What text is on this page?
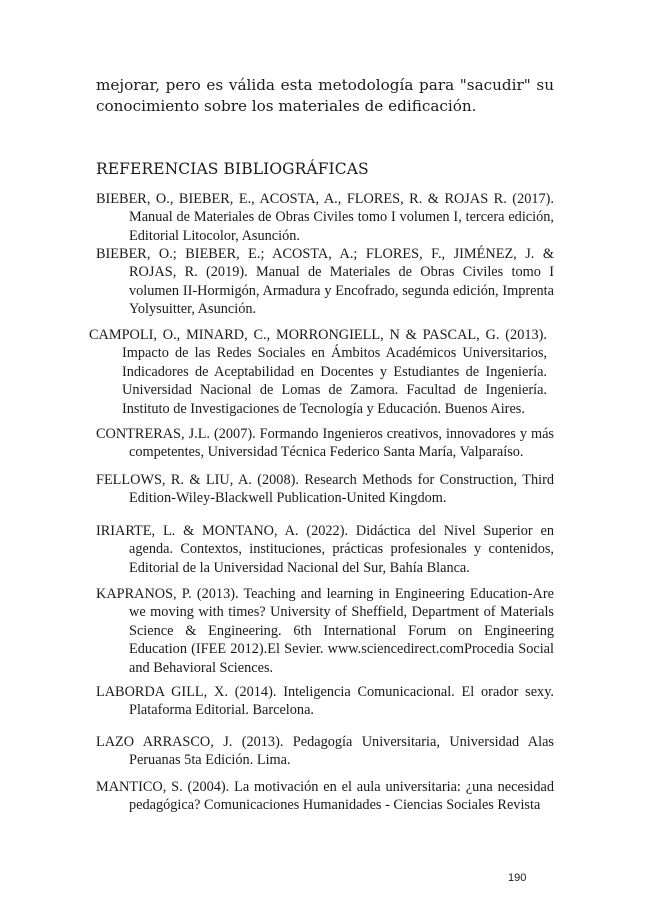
mejorar, pero es válida esta metodología para "sacudir" su conocimiento sobre los materiales de edificación.

REFERENCIAS BIBLIOGRÁFICAS

BIEBER, O., BIEBER, E., ACOSTA, A., FLORES, R. & ROJAS R. (2017). Manual de Materiales de Obras Civiles tomo I volumen I, tercera edición, Editorial Litocolor, Asunción.

BIEBER, O.; BIEBER, E.; ACOSTA, A.; FLORES, F., JIMÉNEZ, J. & ROJAS, R. (2019). Manual de Materiales de Obras Civiles tomo I volumen II-Hormigón, Armadura y Encofrado, segunda edición, Imprenta Yolysuitter, Asunción.

CAMPOLI, O., MINARD, C., MORRONGIELL, N & PASCAL, G. (2013). Impacto de las Redes Sociales en Ámbitos Académicos Universitarios, Indicadores de Aceptabilidad en Docentes y Estudiantes de Ingeniería. Universidad Nacional de Lomas de Zamora. Facultad de Ingeniería. Instituto de Investigaciones de Tecnología y Educación. Buenos Aires.

CONTRERAS, J.L. (2007). Formando Ingenieros creativos, innovadores y más competentes, Universidad Técnica Federico Santa María, Valparaíso.

FELLOWS, R. & LIU, A. (2008). Research Methods for Construction, Third Edition-Wiley-Blackwell Publication-United Kingdom.

IRIARTE, L. & MONTANO, A. (2022). Didáctica del Nivel Superior en agenda. Contextos, instituciones, prácticas profesionales y contenidos, Editorial de la Universidad Nacional del Sur, Bahía Blanca.

KAPRANOS, P. (2013). Teaching and learning in Engineering Education-Are we moving with times? University of Sheffield, Department of Materials Science & Engineering. 6th International Forum on Engineering Education (IFEE 2012).El Sevier. www.sciencedirect.comProcedia Social and Behavioral Sciences.

LABORDA GILL, X. (2014). Inteligencia Comunicacional. El orador sexy. Plataforma Editorial. Barcelona.

LAZO ARRASCO, J. (2013). Pedagogía Universitaria, Universidad Alas Peruanas 5ta Edición. Lima.

MANTICO, S. (2004). La motivación en el aula universitaria: ¿una necesidad pedagógica? Comunicaciones Humanidades - Ciencias Sociales Revista

190
